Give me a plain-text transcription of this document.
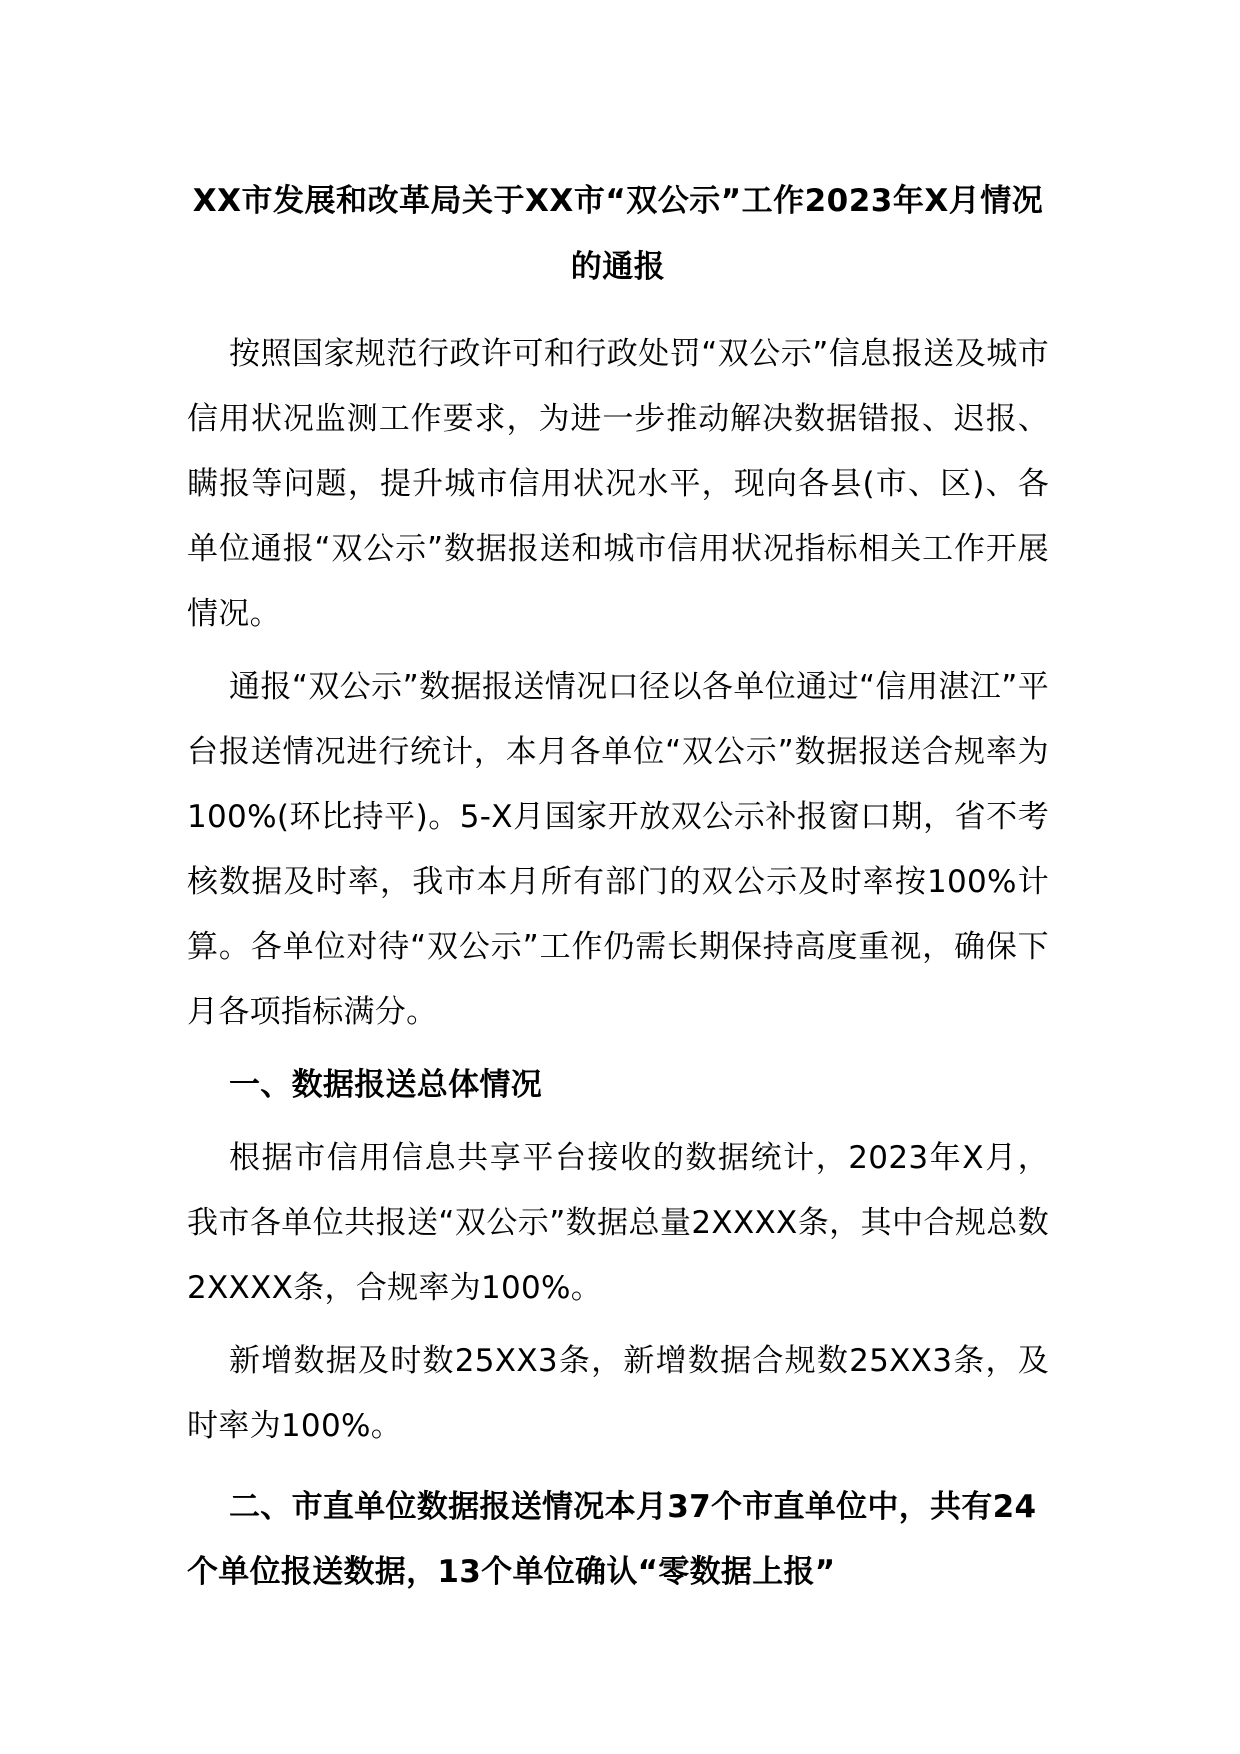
XX市发展和改革局关于XX市“双公示”工作2023年X月情况的通报

按照国家规范行政许可和行政处罚“双公示”信息报送及城市信用状况监测工作要求，为进一步推动解决数据错报、迟报、瞒报等问题，提升城市信用状况水平，现向各县(市、区)、各单位通报“双公示”数据报送和城市信用状况指标相关工作开展情况。

通报“双公示”数据报送情况口径以各单位通过“信用湛江”平台报送情况进行统计，本月各单位“双公示”数据报送合规率为100%(环比持平)。5-X月国家开放双公示补报窗口期，省不考核数据及时率，我市本月所有部门的双公示及时率按100%计算。各单位对待“双公示”工作仍需长期保持高度重视，确保下月各项指标满分。

一、数据报送总体情况

根据市信用信息共享平台接收的数据统计，2023年X月，我市各单位共报送“双公示”数据总量2XXXX条，其中合规总数2XXXX条，合规率为100%。

新增数据及时数25XX3条，新增数据合规数25XX3条，及时率为100%。

二、市直单位数据报送情况本月37个市直单位中，共有24个单位报送数据，13个单位确认“零数据上报”
